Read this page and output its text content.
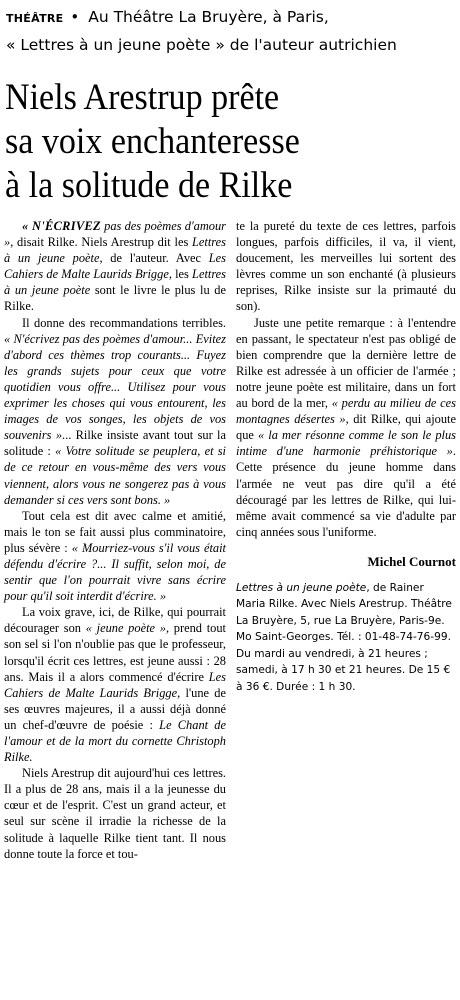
THÉÂTRE • Au Théâtre La Bruyère, à Paris,
« Lettres à un jeune poète » de l'auteur autrichien
Niels Arestrup prête
sa voix enchanteresse
à la solitude de Rilke

« N'ÉCRIVEZ pas des poèmes d'amour », disait Rilke. Niels Arestrup dit les Lettres à un jeune poète, de l'auteur. Avec Les Cahiers de Malte Laurids Brigge, les Lettres à un jeune poète sont le livre le plus lu de Rilke.

Il donne des recommandations terribles. « N'écrivez pas des poèmes d'amour... Evitez d'abord ces thèmes trop courants... Fuyez les grands sujets pour ceux que votre quotidien vous offre... Utilisez pour vous exprimer les choses qui vous entourent, les images de vos songes, les objets de vos souvenirs »... Rilke insiste avant tout sur la solitude : « Votre solitude se peuplera, et si de ce retour en vous-même des vers vous viennent, alors vous ne songerez pas à vous demander si ces vers sont bons. »

Tout cela est dit avec calme et amitié, mais le ton se fait aussi plus comminatoire, plus sévère : « Mourriez-vous s'il vous était défendu d'écrire ?... Il suffit, selon moi, de sentir que l'on pourrait vivre sans écrire pour qu'il soit interdit d'écrire. »

La voix grave, ici, de Rilke, qui pourrait décourager son « jeune poète », prend tout son sel si l'on n'oublie pas que le professeur, lorsqu'il écrit ces lettres, est jeune aussi : 28 ans. Mais il a alors commencé d'écrire Les Cahiers de Malte Laurids Brigge, l'une de ses œuvres majeures, il a aussi déjà donné un chef-d'œuvre de poésie : Le Chant de l'amour et de la mort du cornette Christoph Rilke.

Niels Arestrup dit aujourd'hui ces lettres. Il a plus de 28 ans, mais il a la jeunesse du cœur et de l'esprit. C'est un grand acteur, et seul sur scène il irradie la richesse de la solitude à laquelle Rilke tient tant. Il nous donne toute la force et tou-

te la pureté du texte de ces lettres, parfois longues, parfois difficiles, il va, il vient, doucement, les merveilles lui sortent des lèvres comme un son enchanté (à plusieurs reprises, Rilke insiste sur la primauté du son).

Juste une petite remarque : à l'entendre en passant, le spectateur n'est pas obligé de bien comprendre que la dernière lettre de Rilke est adressée à un officier de l'armée ; notre jeune poète est militaire, dans un fort au bord de la mer, « perdu au milieu de ces montagnes désertes », dit Rilke, qui ajoute que « la mer résonne comme le son le plus intime d'une harmonie préhistorique ». Cette présence du jeune homme dans l'armée ne veut pas dire qu'il a été découragé par les lettres de Rilke, qui lui-même avait commencé sa vie d'adulte par cinq années sous l'uniforme.

Michel Cournot
Lettres à un jeune poète, de Rainer Maria Rilke. Avec Niels Arestrup. Théâtre La Bruyère, 5, rue La Bruyère, Paris-9e. Mo Saint-Georges. Tél. : 01-48-74-76-99. Du mardi au vendredi, à 21 heures ; samedi, à 17 h 30 et 21 heures. De 15 € à 36 €. Durée : 1 h 30.
